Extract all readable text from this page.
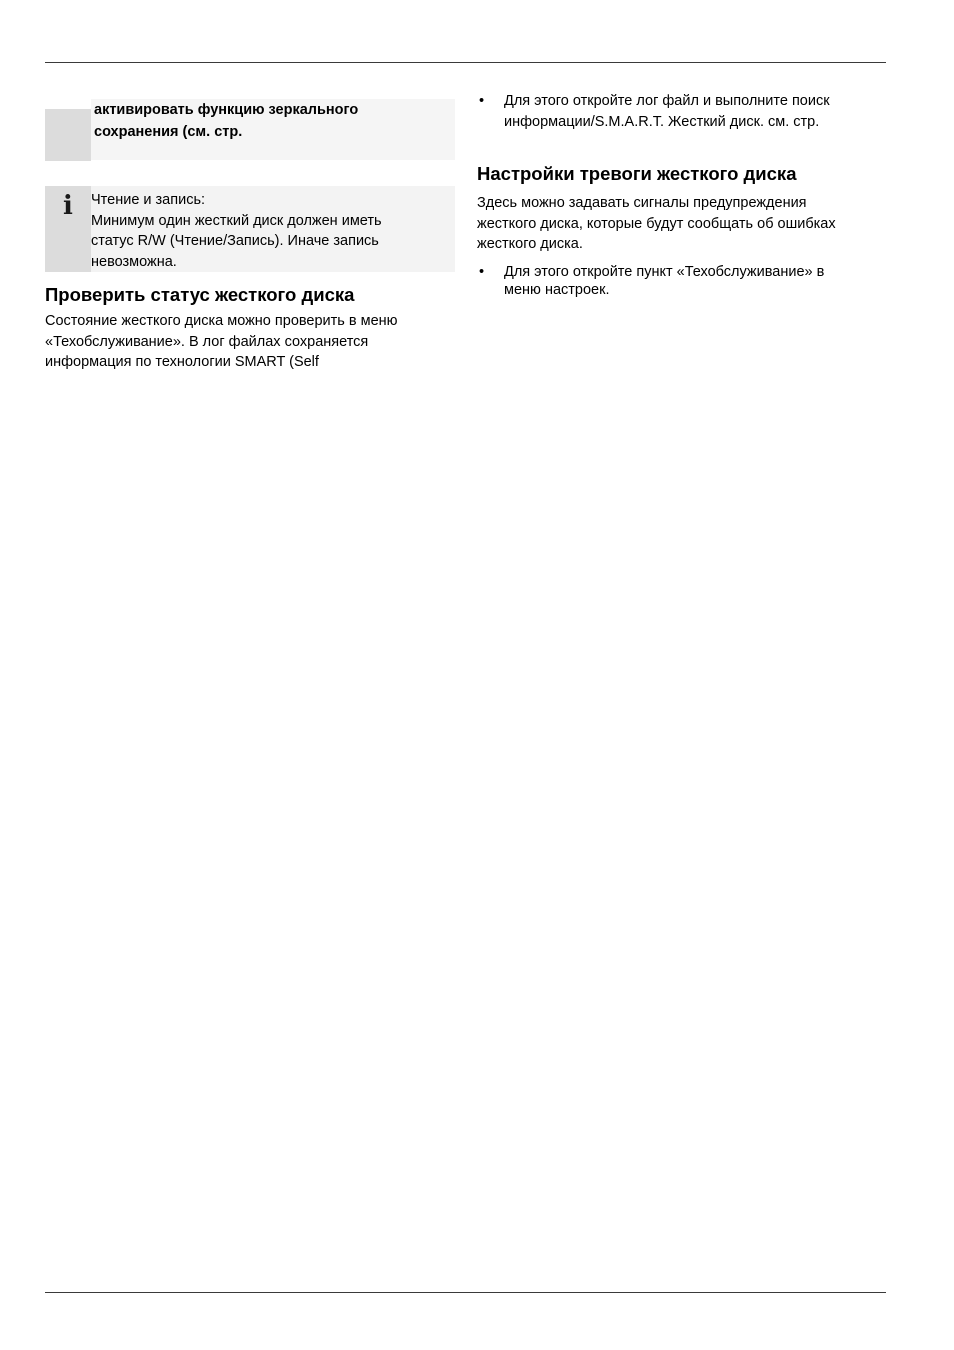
активировать функцию зеркального
сохранения (см. стр.
i Чтение и запись:
Минимум один жесткий диск должен иметь
статус R/W (Чтение/Запись). Иначе запись
невозможна.
Проверить статус жесткого диска

Состояние жесткого диска можно проверить в меню
«Техобслуживание». В лог файлах сохраняется
информация по технологии SMART (Self

• Для этого откройте лог файл и выполните поиск
информации/S.M.A.R.T. Жесткий диск. см. стр.
Настройки тревоги жесткого диска

Здесь можно задавать сигналы предупреждения
жесткого диска, которые будут сообщать об ошибках
жесткого диска.

• Для этого откройте пункт «Техобслуживание» в
меню настроек.
